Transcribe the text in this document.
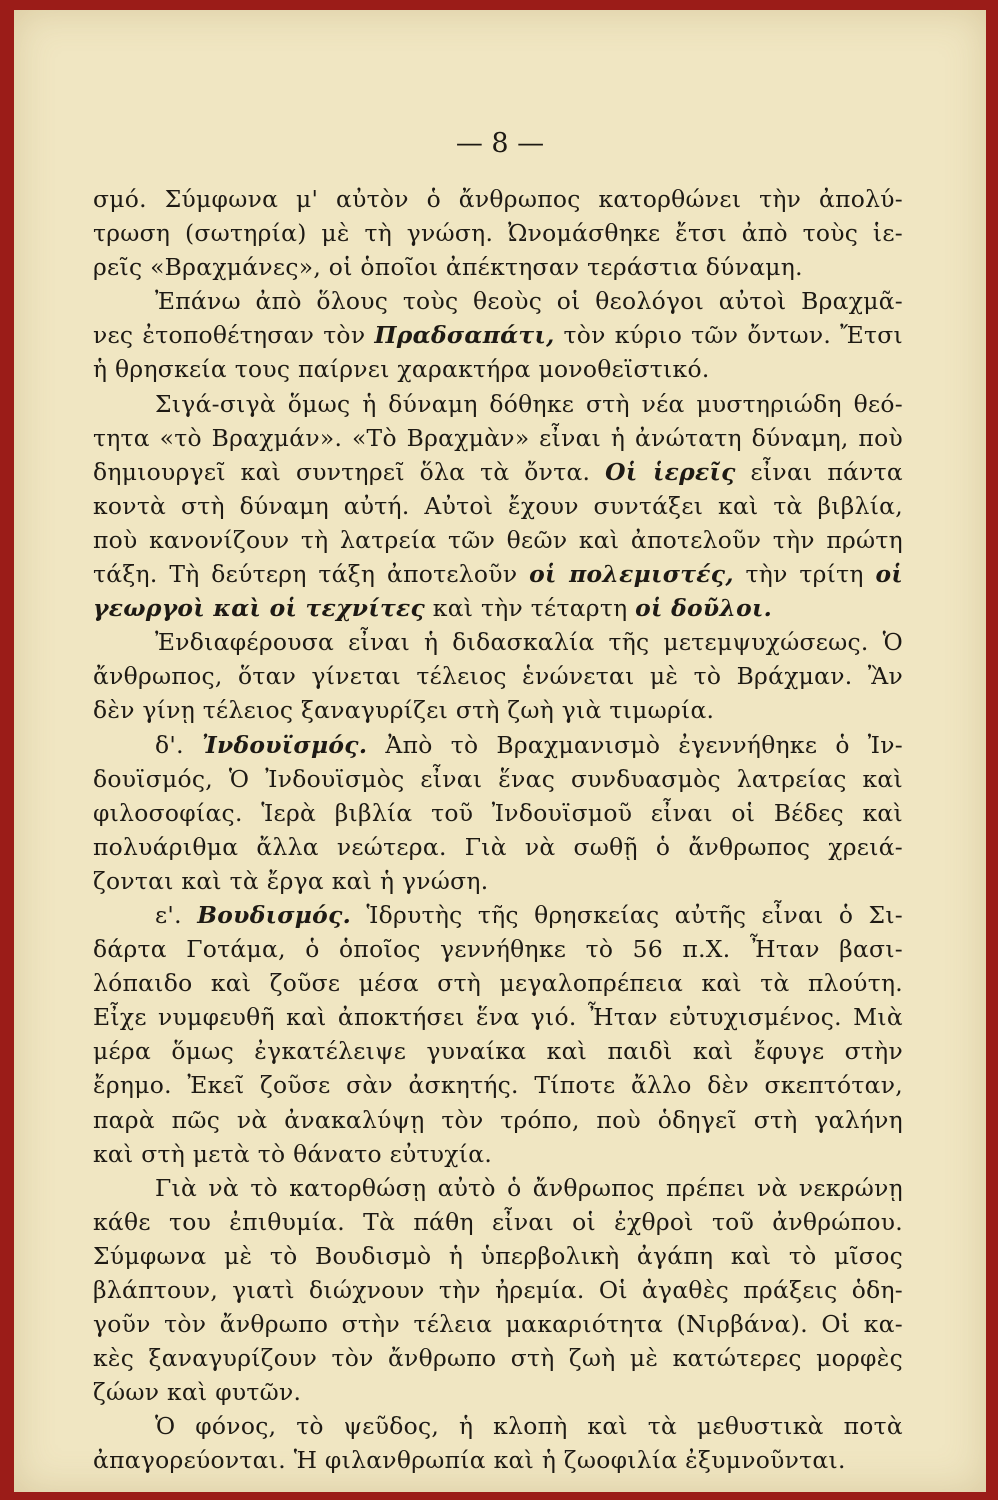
— 8 —
σμό. Σύμφωνα μ' αὐτὸν ὁ ἄνθρωπος κατορθώνει τὴν ἀπολύ-
τρωση (σωτηρία) μὲ τὴ γνώση. Ὠνομάσθηκε ἔτσι ἀπὸ τοὺς ἱε-
ρεῖς «Βραχμάνες», οἱ ὁποῖοι ἀπέκτησαν τεράστια δύναμη.
Ἐπάνω ἀπὸ ὅλους τοὺς θεοὺς οἱ θεολόγοι αὐτοὶ Βραχμᾶ-
νες ἐτοποθέτησαν τὸν Πραδσαπάτι, τὸν κύριο τῶν ὄντων. Ἔτσι
ἡ θρησκεία τους παίρνει χαρακτήρα μονοθεϊστικό.
Σιγά-σιγὰ ὅμως ἡ δύναμη δόθηκε στὴ νέα μυστηριώδη θεό-
τητα «τὸ Βραχμάν». «Τὸ Βραχμὰν» εἶναι ἡ ἀνώτατη δύναμη, ποὺ
δημιουργεῖ καὶ συντηρεῖ ὅλα τὰ ὄντα. Οἱ ἱερεῖς εἶναι πάντα
κοντὰ στὴ δύναμη αὐτή. Αὐτοὶ ἔχουν συντάξει καὶ τὰ βιβλία,
ποὺ κανονίζουν τὴ λατρεία τῶν θεῶν καὶ ἀποτελοῦν τὴν πρώτη
τάξη. Τὴ δεύτερη τάξη ἀποτελοῦν οἱ πολεμιστές, τὴν τρίτη οἱ
γεωργοὶ καὶ οἱ τεχνίτες καὶ τὴν τέταρτη οἱ δοῦλοι.
Ἐνδιαφέρουσα εἶναι ἡ διδασκαλία τῆς μετεμψυχώσεως. Ὁ
ἄνθρωπος, ὅταν γίνεται τέλειος ἑνώνεται μὲ τὸ Βράχμαν. Ἂν
δὲν γίνῃ τέλειος ξαναγυρίζει στὴ ζωὴ γιὰ τιμωρία.
δ'. Ἰνδουϊσμός. Ἀπὸ τὸ Βραχμανισμὸ ἐγεννήθηκε ὁ Ἰν-
δουϊσμός, Ὁ Ἰνδουϊσμὸς εἶναι ἕνας συνδυασμὸς λατρείας καὶ
φιλοσοφίας. Ἱερὰ βιβλία τοῦ Ἰνδουϊσμοῦ εἶναι οἱ Βέδες καὶ
πολυάριθμα ἄλλα νεώτερα. Γιὰ νὰ σωθῇ ὁ ἄνθρωπος χρειά-
ζονται καὶ τὰ ἔργα καὶ ἡ γνώση.
ε'. Βουδισμός. Ἱδρυτὴς τῆς θρησκείας αὐτῆς εἶναι ὁ Σι-
δάρτα Γοτάμα, ὁ ὁποῖος γεννήθηκε τὸ 56 π.Χ. Ἦταν βασι-
λόπαιδο καὶ ζοῦσε μέσα στὴ μεγαλοπρέπεια καὶ τὰ πλούτη.
Εἶχε νυμφευθῆ καὶ ἀποκτήσει ἕνα γιό. Ἦταν εὐτυχισμένος. Μιὰ
μέρα ὅμως ἐγκατέλειψε γυναίκα καὶ παιδὶ καὶ ἔφυγε στὴν
ἔρημο. Ἐκεῖ ζοῦσε σὰν ἀσκητής. Τίποτε ἄλλο δὲν σκεπτόταν,
παρὰ πῶς νὰ ἀνακαλύψῃ τὸν τρόπο, ποὺ ὁδηγεῖ στὴ γαλήνη
καὶ στὴ μετὰ τὸ θάνατο εὐτυχία.
Γιὰ νὰ τὸ κατορθώσῃ αὐτὸ ὁ ἄνθρωπος πρέπει νὰ νεκρώνῃ
κάθε του ἐπιθυμία. Τὰ πάθη εἶναι οἱ ἐχθροὶ τοῦ ἀνθρώπου.
Σύμφωνα μὲ τὸ Βουδισμὸ ἡ ὑπερβολικὴ ἀγάπη καὶ τὸ μῖσος
βλάπτουν, γιατὶ διώχνουν τὴν ἠρεμία. Οἱ ἀγαθὲς πράξεις ὁδη-
γοῦν τὸν ἄνθρωπο στὴν τέλεια μακαριότητα (Νιρβάνα). Οἱ κα-
κὲς ξαναγυρίζουν τὸν ἄνθρωπο στὴ ζωὴ μὲ κατώτερες μορφὲς
ζώων καὶ φυτῶν.
Ὁ φόνος, τὸ ψεῦδος, ἡ κλοπὴ καὶ τὰ μεθυστικὰ ποτὰ
ἀπαγορεύονται. Ἡ φιλανθρωπία καὶ ἡ ζωοφιλία ἐξυμνοῦνται.
